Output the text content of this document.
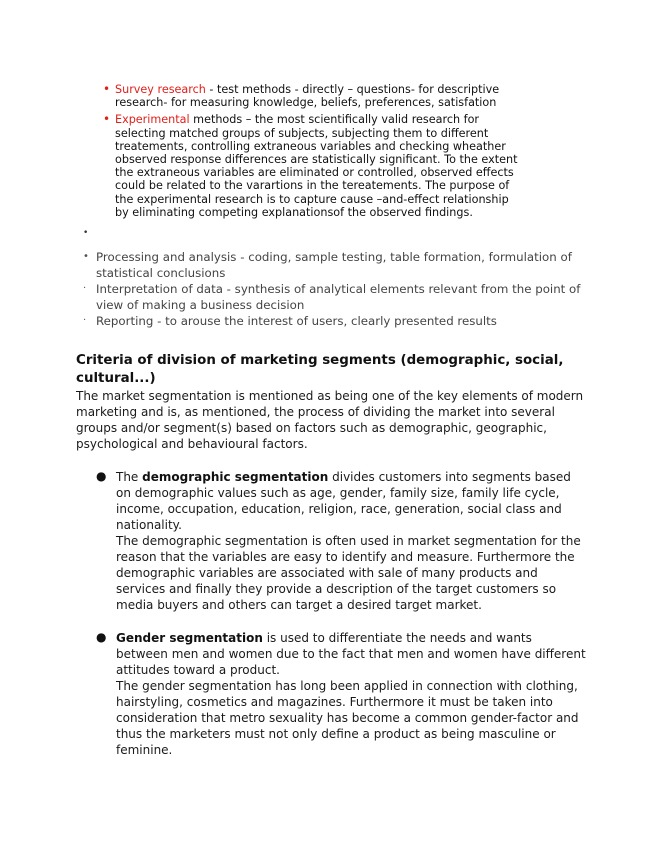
• Survey research - test methods - directly – questions- for descriptive research- for measuring knowledge, beliefs, preferences, satisfation
• Experimental methods – the most scientifically valid research for selecting matched groups of subjects, subjecting them to different treatements, controlling extraneous variables and checking wheather observed response differences are statistically significant. To the extent the extraneous variables are eliminated or controlled, observed effects could be related to the varartions in the tereatements. The purpose of the experimental research is to capture cause –and-effect relationship by eliminating competing explanationsof the observed findings.
•
• Processing and analysis - coding, sample testing, table formation, formulation of statistical conclusions
· Interpretation of data - synthesis of analytical elements relevant from the point of view of making a business decision
· Reporting - to arouse the interest of users, clearly presented results
Criteria of division of marketing segments (demographic, social, cultural...)
The market segmentation is mentioned as being one of the key elements of modern marketing and is, as mentioned, the process of dividing the market into several groups and/or segment(s) based on factors such as demographic, geographic, psychological and behavioural factors.
● The demographic segmentation divides customers into segments based on demographic values such as age, gender, family size, family life cycle, income, occupation, education, religion, race, generation, social class and nationality.

The demographic segmentation is often used in market segmentation for the reason that the variables are easy to identify and measure. Furthermore the demographic variables are associated with sale of many products and services and finally they provide a description of the target customers so media buyers and others can target a desired target market.

● Gender segmentation is used to differentiate the needs and wants between men and women due to the fact that men and women have different attitudes toward a product.

The gender segmentation has long been applied in connection with clothing, hairstyling, cosmetics and magazines. Furthermore it must be taken into consideration that metro sexuality has become a common gender-factor and thus the marketers must not only define a product as being masculine or feminine.
